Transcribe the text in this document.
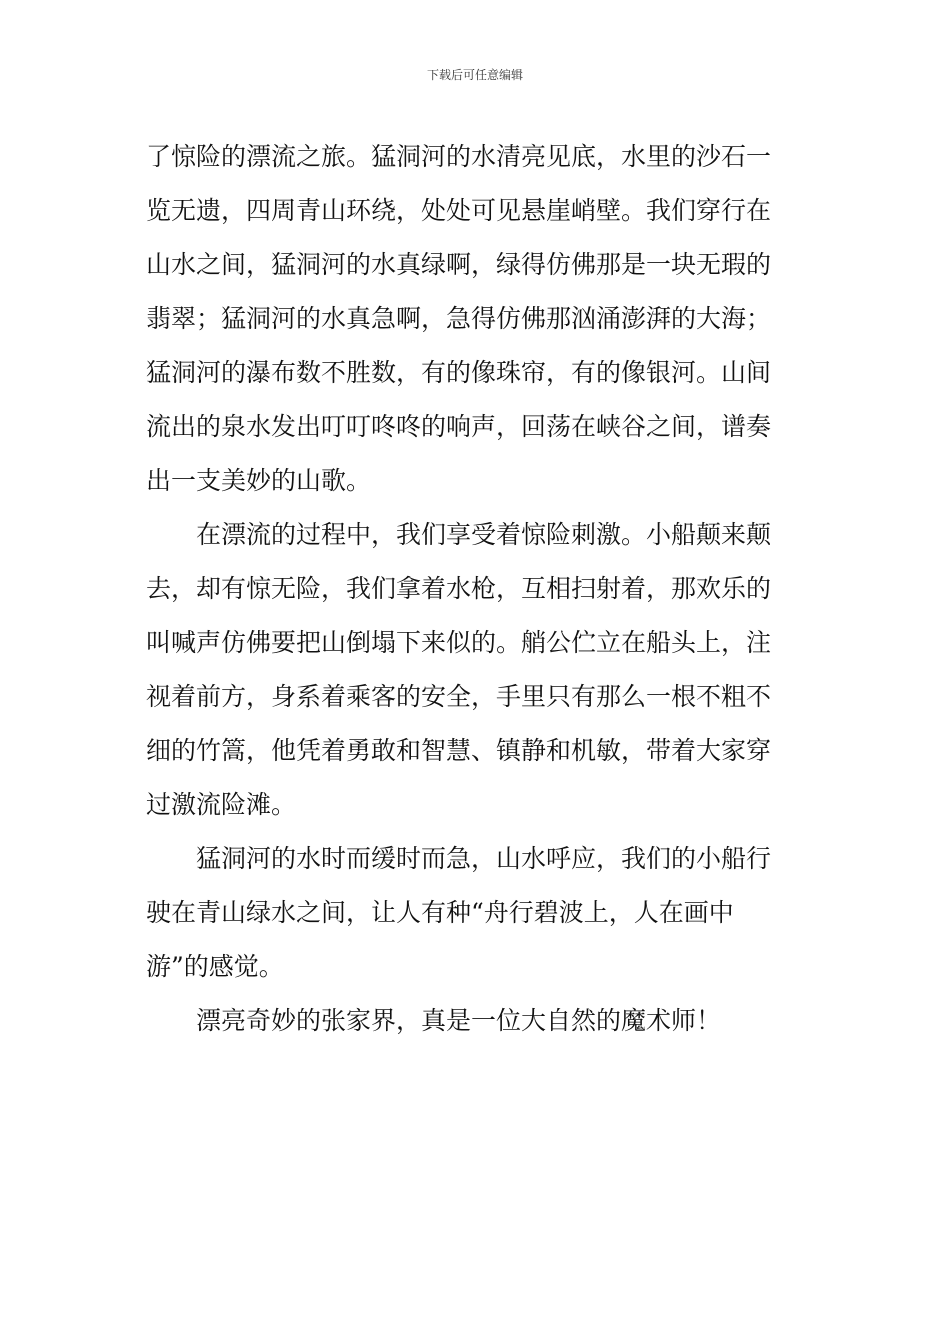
下载后可任意编辑
了惊险的漂流之旅。猛洞河的水清亮见底，水里的沙石一
览无遗，四周青山环绕，处处可见悬崖峭壁。我们穿行在
山水之间，猛洞河的水真绿啊，绿得仿佛那是一块无瑕的
翡翠；猛洞河的水真急啊，急得仿佛那汹涌澎湃的大海；
猛洞河的瀑布数不胜数，有的像珠帘，有的像银河。山间
流出的泉水发出叮叮咚咚的响声，回荡在峡谷之间，谱奏
出一支美妙的山歌。
在漂流的过程中，我们享受着惊险刺激。小船颠来颠
去，却有惊无险，我们拿着水枪，互相扫射着，那欢乐的
叫喊声仿佛要把山倒塌下来似的。艄公伫立在船头上，注
视着前方，身系着乘客的安全，手里只有那么一根不粗不
细的竹篙，他凭着勇敢和智慧、镇静和机敏，带着大家穿
过激流险滩。
猛洞河的水时而缓时而急，山水呼应，我们的小船行
驶在青山绿水之间，让人有种“舟行碧波上，人在画中
游”的感觉。
漂亮奇妙的张家界，真是一位大自然的魔术师！
